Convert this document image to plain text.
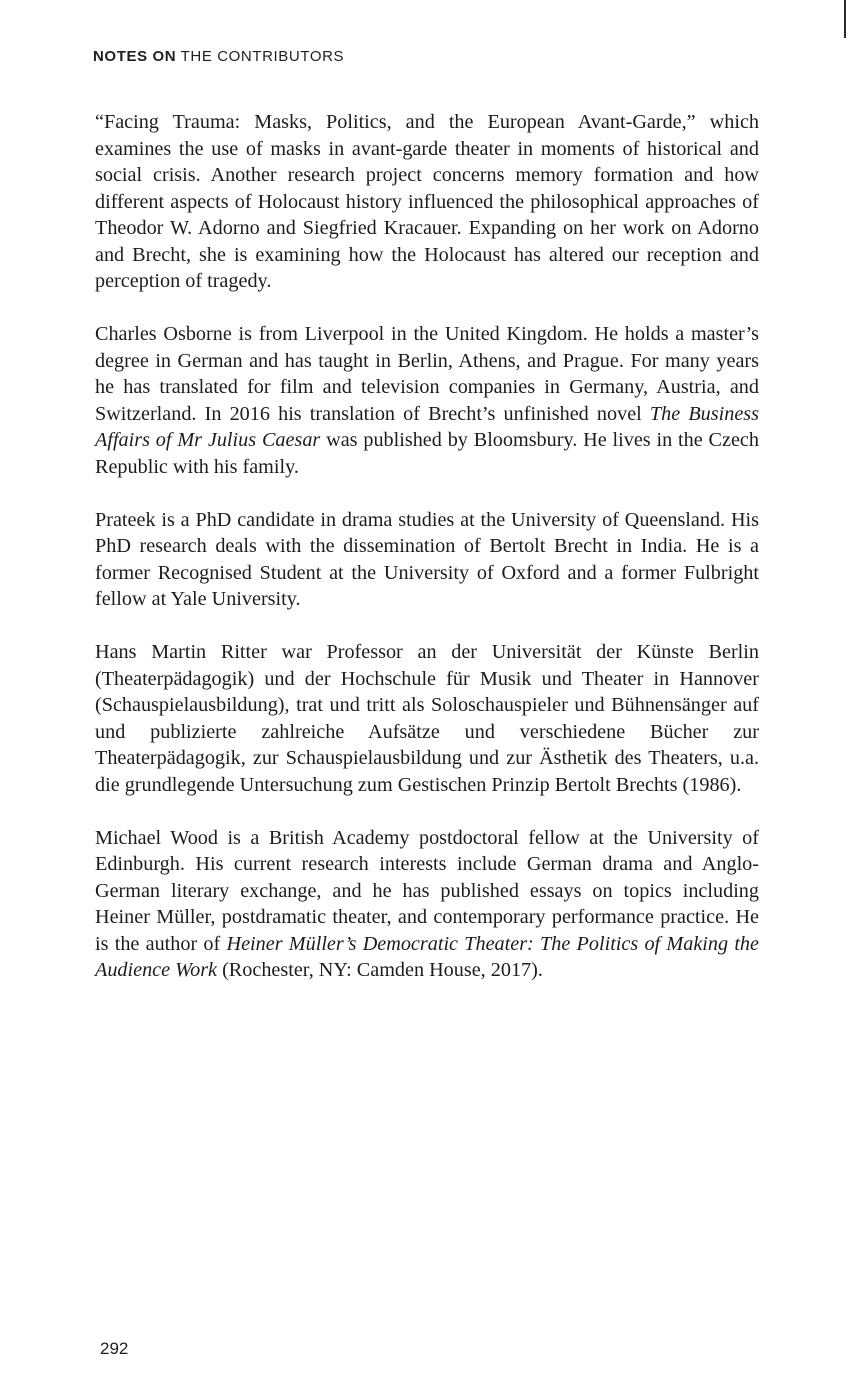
NOTES ON THE CONTRIBUTORS

“Facing Trauma: Masks, Politics, and the European Avant-Garde,” which examines the use of masks in avant-garde theater in moments of historical and social crisis. Another research project concerns memory formation and how different aspects of Holocaust history influenced the philosophical approaches of Theodor W. Adorno and Siegfried Kracauer. Expanding on her work on Adorno and Brecht, she is examining how the Holocaust has altered our reception and perception of tragedy.

Charles Osborne is from Liverpool in the United Kingdom. He holds a master’s degree in German and has taught in Berlin, Athens, and Prague. For many years he has translated for film and television companies in Germany, Austria, and Switzerland. In 2016 his translation of Brecht’s unfinished novel The Business Affairs of Mr Julius Caesar was published by Bloomsbury. He lives in the Czech Republic with his family.

Prateek is a PhD candidate in drama studies at the University of Queensland. His PhD research deals with the dissemination of Bertolt Brecht in India. He is a former Recognised Student at the University of Oxford and a former Fulbright fellow at Yale University.

Hans Martin Ritter war Professor an der Universität der Künste Berlin (Theaterpädagogik) und der Hochschule für Musik und Theater in Hannover (Schauspielausbildung), trat und tritt als Soloschauspieler und Bühnensänger auf und publizierte zahlreiche Aufsätze und verschiedene Bücher zur Theaterpädagogik, zur Schauspielausbildung und zur Ästhetik des Theaters, u.a. die grundlegende Untersuchung zum Gestischen Prinzip Bertolt Brechts (1986).

Michael Wood is a British Academy postdoctoral fellow at the University of Edinburgh. His current research interests include German drama and Anglo-German literary exchange, and he has published essays on topics including Heiner Müller, postdramatic theater, and contemporary performance practice. He is the author of Heiner Müller’s Democratic Theater: The Politics of Making the Audience Work (Rochester, NY: Camden House, 2017).

292
